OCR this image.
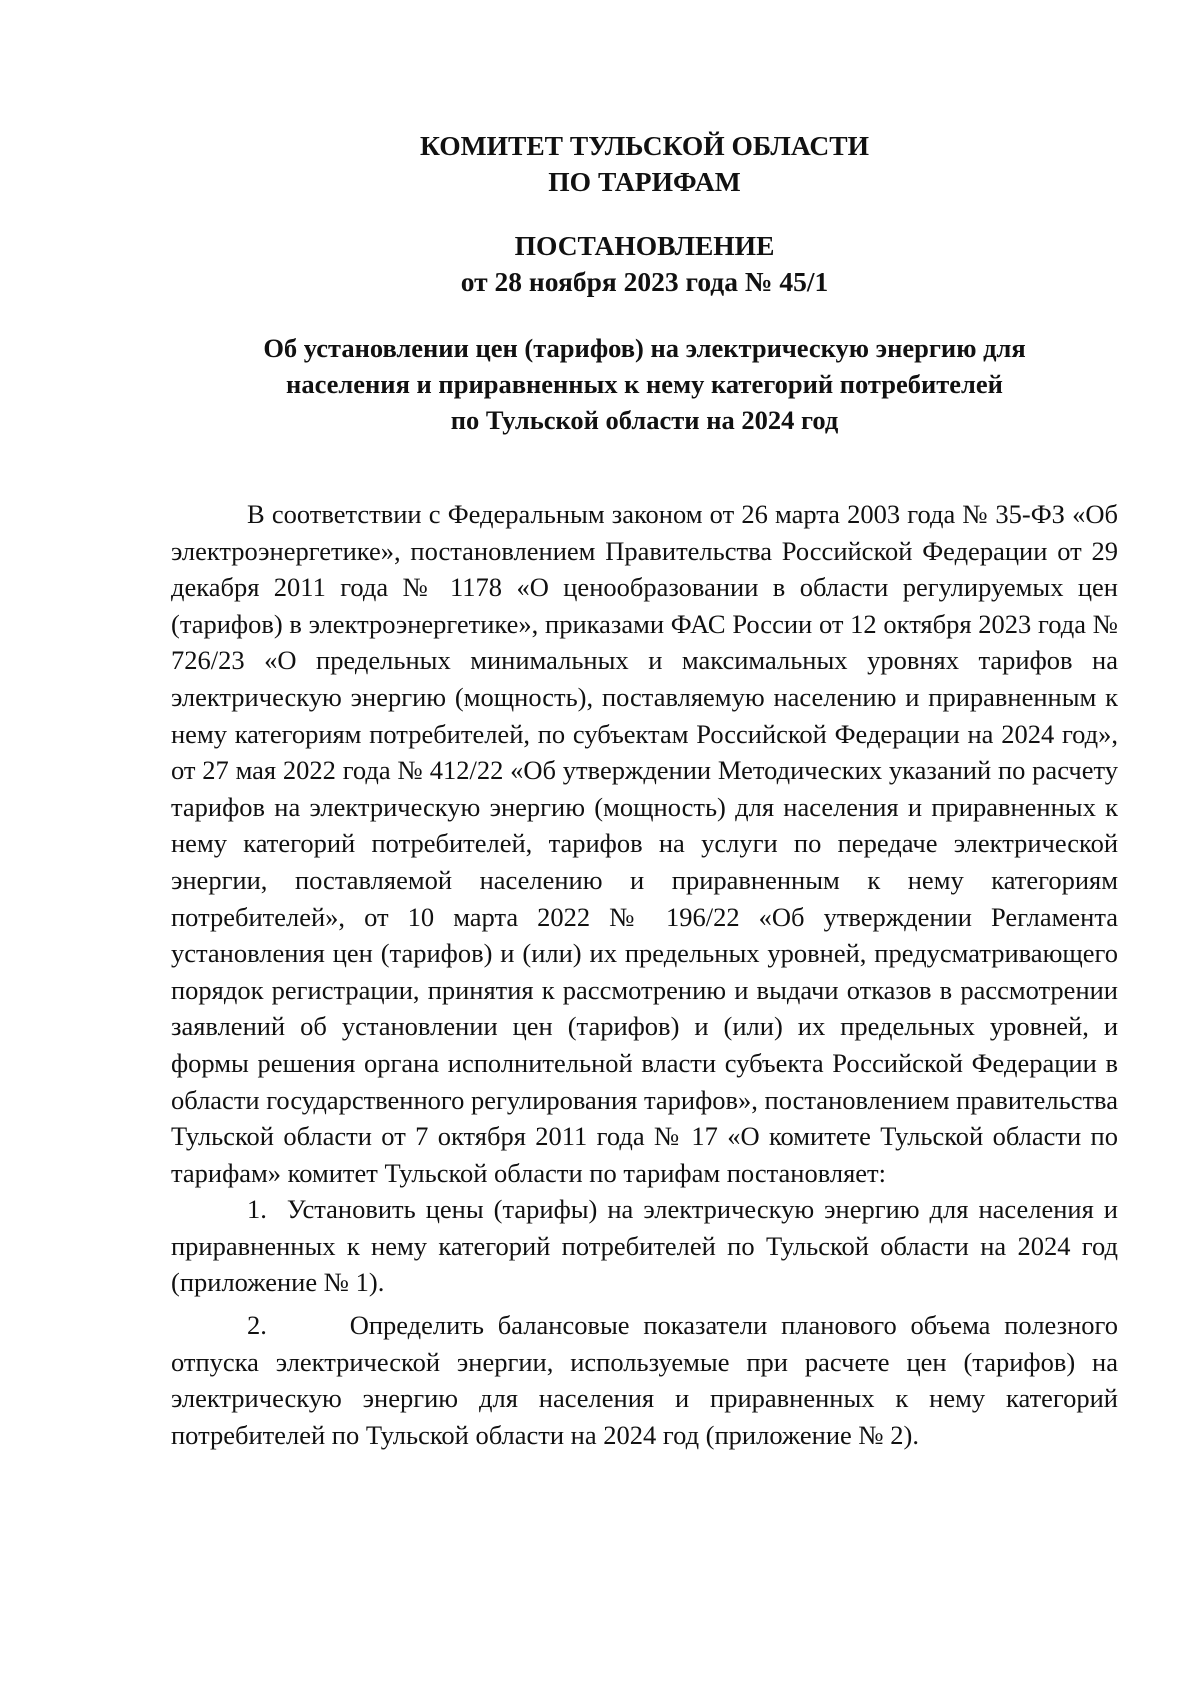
КОМИТЕТ ТУЛЬСКОЙ ОБЛАСТИ

ПО ТАРИФАМ

ПОСТАНОВЛЕНИЕ

от 28 ноября 2023 года № 45/1

Об установлении цен (тарифов) на электрическую энергию для
населения и приравненных к нему категорий потребителей
по Тульской области на 2024 год

В соответствии с Федеральным законом от 26 марта 2003 года № 35-ФЗ «Об электроэнергетике», постановлением Правительства Российской Федерации от 29 декабря 2011 года № 1178 «О ценообразовании в области регулируемых цен (тарифов) в электроэнергетике», приказами ФАС России от 12 октября 2023 года № 726/23 «О предельных минимальных и максимальных уровнях тарифов на электрическую энергию (мощность), поставляемую населению и приравненным к нему категориям потребителей, по субъектам Российской Федерации на 2024 год», от 27 мая 2022 года № 412/22 «Об утверждении Методических указаний по расчету тарифов на электрическую энергию (мощность) для населения и приравненных к нему категорий потребителей, тарифов на услуги по передаче электрической энергии, поставляемой населению и приравненным к нему категориям потребителей», от 10 марта 2022 № 196/22 «Об утверждении Регламента установления цен (тарифов) и (или) их предельных уровней, предусматривающего порядок регистрации, принятия к рассмотрению и выдачи отказов в рассмотрении заявлений об установлении цен (тарифов) и (или) их предельных уровней, и формы решения органа исполнительной власти субъекта Российской Федерации в области государственного регулирования тарифов», постановлением правительства Тульской области от 7 октября 2011 года № 17 «О комитете Тульской области по тарифам» комитет Тульской области по тарифам постановляет:

1.  Установить цены (тарифы) на электрическую энергию для населения и приравненных к нему категорий потребителей по Тульской области на 2024 год (приложение № 1).

2.      Определить балансовые показатели планового объема полезного отпуска электрической энергии, используемые при расчете цен (тарифов) на электрическую энергию для населения и приравненных к нему категорий потребителей по Тульской области на 2024 год (приложение № 2).
